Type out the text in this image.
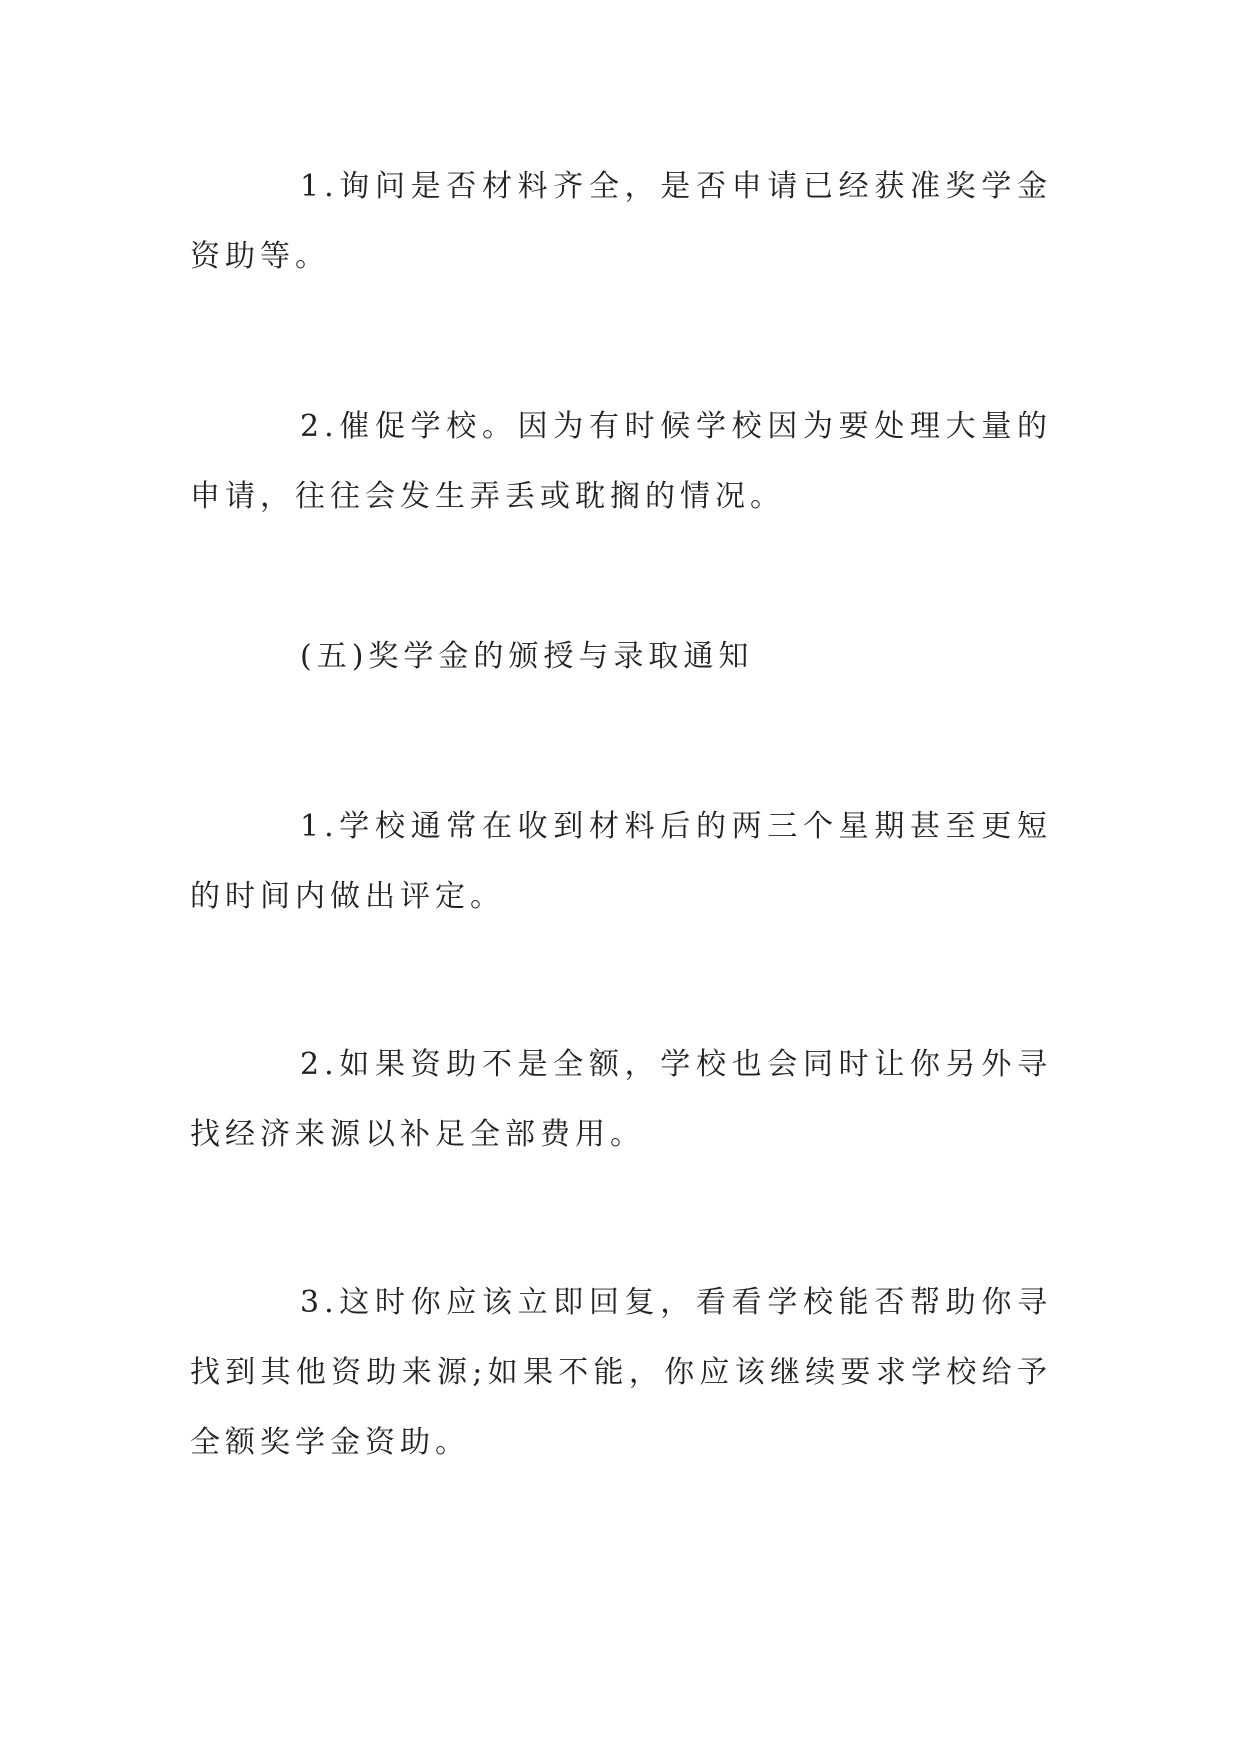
1.询问是否材料齐全，是否申请已经获准奖学金资助等。

2.催促学校。因为有时候学校因为要处理大量的申请，往往会发生弄丢或耽搁的情况。

(五)奖学金的颁授与录取通知

1.学校通常在收到材料后的两三个星期甚至更短的时间内做出评定。

2.如果资助不是全额，学校也会同时让你另外寻找经济来源以补足全部费用。

3.这时你应该立即回复，看看学校能否帮助你寻找到其他资助来源;如果不能，你应该继续要求学校给予全额奖学金资助。
